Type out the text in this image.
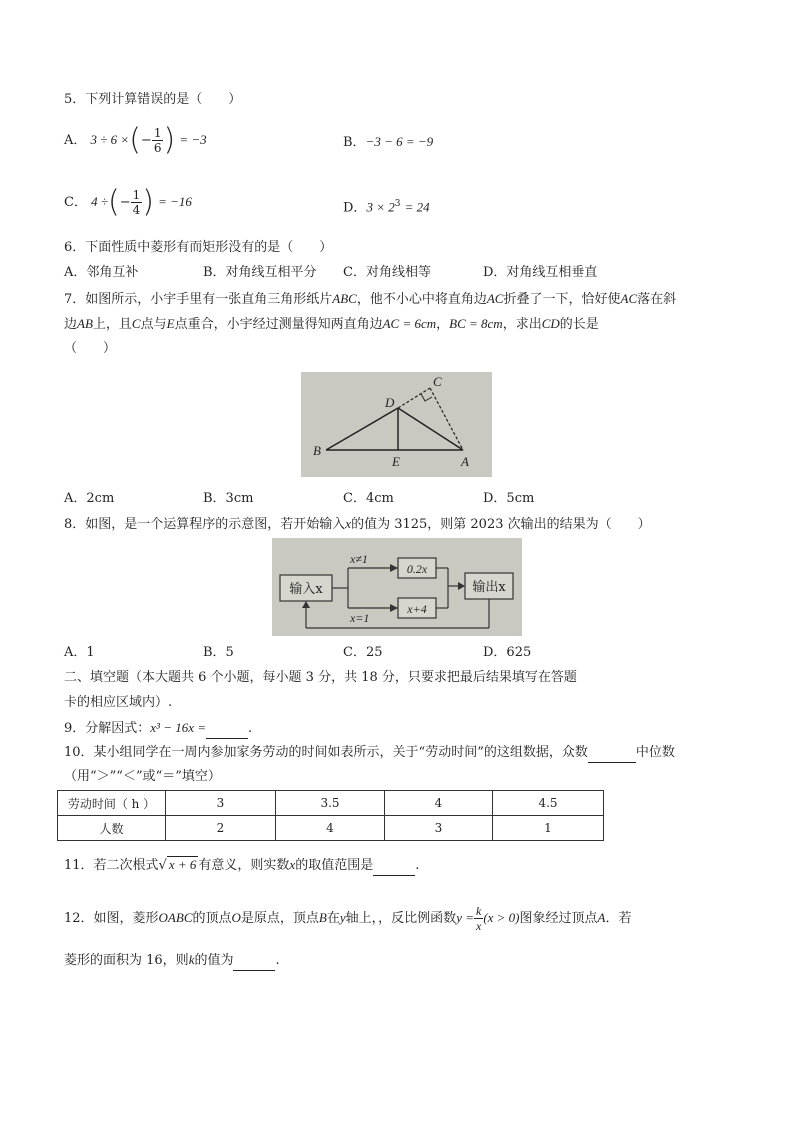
5．下列计算错误的是（　　）
A． 3 ÷ 6 ×(− $\frac{1}{6}$ ) = −3	B．−3 − 6 = −9
C． 4 ÷(− $\frac{1}{4}$ ) = −16	D．$3 \times 2^3 = 24$
6．下面性质中菱形有而矩形没有的是（　　）
A．邻角互补	B．对角线互相平分 C．对角线相等	D．对角线互相垂直
7．如图所示，小宇手里有一张直角三角形纸片ABC，他不小心中将直角边AC折叠了一下，恰好使AC落在斜
边AB上，且C点与E点重合，小宇经过测量得知两直角边AC = 6cm，BC = 8cm，求出CD的长是
（　　）
B
E	A
D
C
A．2cm	B．3cm	C．4cm	D．5cm
8．如图，是一个运算程序的示意图，若开始输入x的值为 3125，则第 2023 次输出的结果为（　　）
输入x
x≠1
x=1
0.2x
x+4
输出x
A．1	B．5	C．25	D．625
二、填空题（本大题共 6 个小题，每小题 3 分，共 18 分，只要求把最后结果填写在答题
卡的相应区域内）.
9．分解因式：x³ − 16x =	.
10．某小组同学在一周内参加家务劳动的时间如表所示，关于“劳动时间”的这组数据，众数	中位数
（用“＞”“＜”或“＝”填空）
劳动时间（ h ）	3	3.5	4	4.5
人数	2	4	3	1
11．若二次根式√ x + 6 有意义，则实数x的取值范围是	.
12．如图，菱形OABC的顶点O是原点，顶点B在y轴上，，反比例函数$y = \frac{k}{x} (x > 0)$图象经过顶点A．若
菱形的面积为 16，则k的值为	.
